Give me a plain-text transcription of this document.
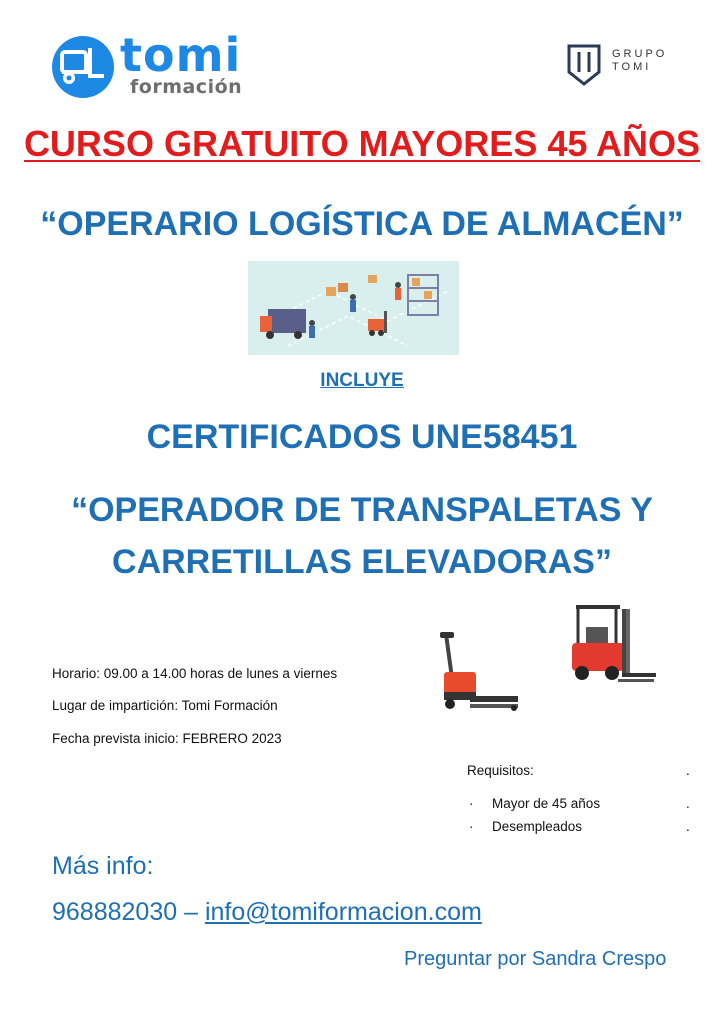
tomi
formación
GRUPO
TOMI
CURSO GRATUITO MAYORES 45 AÑOS
“OPERARIO LOGÍSTICA DE ALMACÉN”
INCLUYE
CERTIFICADOS UNE58451
“OPERADOR DE TRANSPALETAS Y
CARRETILLAS ELEVADORAS”
Horario: 09.00 a 14.00 horas de lunes a viernes
Lugar de impartición: Tomi Formación
Fecha prevista inicio: FEBRERO 2023
Requisitos:	.
· Mayor de 45 años	.
· Desempleados	.
Más info:
968882030 – info@tomiformacion.com
Preguntar por Sandra Crespo
